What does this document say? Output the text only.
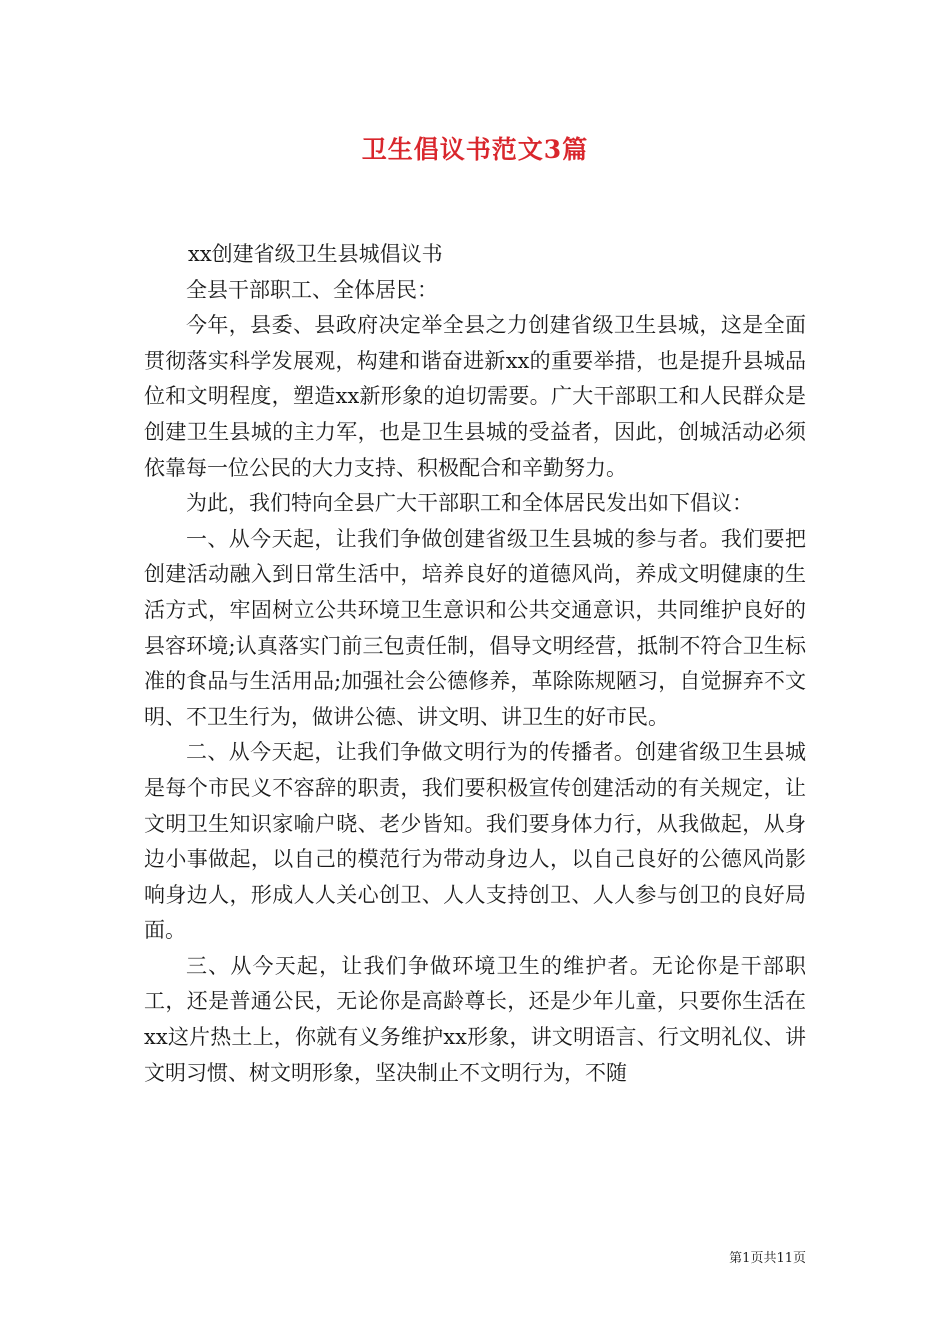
卫生倡议书范文3篇

xx创建省级卫生县城倡议书

全县干部职工、全体居民：

今年，县委、县政府决定举全县之力创建省级卫生县城，这是全面贯彻落实科学发展观，构建和谐奋进新xx的重要举措，也是提升县城品位和文明程度，塑造xx新形象的迫切需要。广大干部职工和人民群众是创建卫生县城的主力军，也是卫生县城的受益者，因此，创城活动必须依靠每一位公民的大力支持、积极配合和辛勤努力。

为此，我们特向全县广大干部职工和全体居民发出如下倡议：

一、从今天起，让我们争做创建省级卫生县城的参与者。我们要把创建活动融入到日常生活中，培养良好的道德风尚，养成文明健康的生活方式，牢固树立公共环境卫生意识和公共交通意识，共同维护良好的县容环境;认真落实门前三包责任制，倡导文明经营，抵制不符合卫生标准的食品与生活用品;加强社会公德修养，革除陈规陋习，自觉摒弃不文明、不卫生行为，做讲公德、讲文明、讲卫生的好市民。

二、从今天起，让我们争做文明行为的传播者。创建省级卫生县城是每个市民义不容辞的职责，我们要积极宣传创建活动的有关规定，让文明卫生知识家喻户晓、老少皆知。我们要身体力行，从我做起，从身边小事做起，以自己的模范行为带动身边人，以自己良好的公德风尚影响身边人，形成人人关心创卫、人人支持创卫、人人参与创卫的良好局面。

三、从今天起，让我们争做环境卫生的维护者。无论你是干部职工，还是普通公民，无论你是高龄尊长，还是少年儿童，只要你生活在xx这片热土上，你就有义务维护xx形象，讲文明语言、行文明礼仪、讲文明习惯、树文明形象，坚决制止不文明行为，不随

第1页共11页
